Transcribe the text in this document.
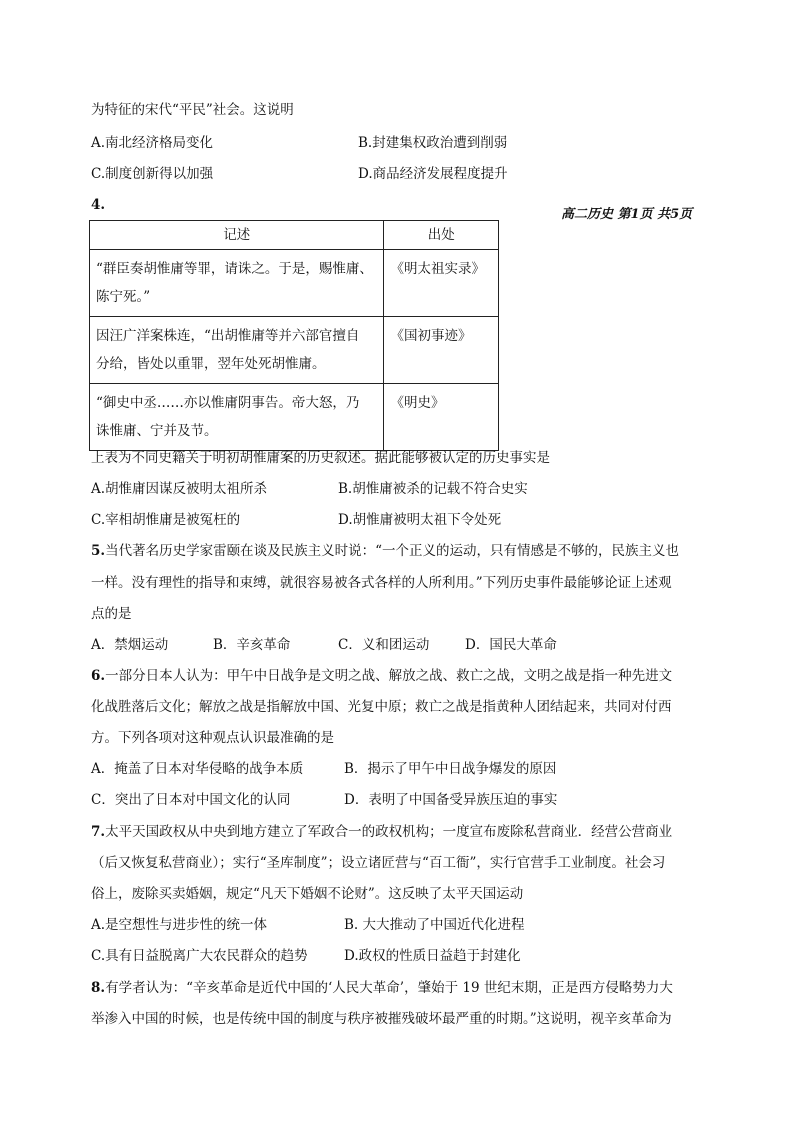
为特征的宋代“平民”社会。这说明
A.南北经济格局变化	B.封建集权政治遭到削弱
C.制度创新得以加强	D.商品经济发展程度提升
4.
高二历史 第1页 共5页
记述	出处

“群臣奏胡惟庸等罪，请诛之。于是，赐惟庸、
陈宁死。”	《明太祖实录》

因汪广洋案株连，“出胡惟庸等并六部官擅自
分给，皆处以重罪，翌年处死胡惟庸。	《国初事迹》

“御史中丞……亦以惟庸阴事告。帝大怒，乃
诛惟庸、宁并及节。	《明史》
上表为不同史籍关于明初胡惟庸案的历史叙述。据此能够被认定的历史事实是
A.胡惟庸因谋反被明太祖所杀	B.胡惟庸被杀的记载不符合史实
C.宰相胡惟庸是被冤枉的	D.胡惟庸被明太祖下令处死
5.当代著名历史学家雷颐在谈及民族主义时说：“一个正义的运动，只有情感是不够的，民族主义也
一样。没有理性的指导和束缚，就很容易被各式各样的人所利用。”下列历史事件最能够论证上述观
点的是
A．禁烟运动	B．辛亥革命	C．义和团运动	D．国民大革命
6.一部分日本人认为：甲午中日战争是文明之战、解放之战、救亡之战，文明之战是指一种先进文
化战胜落后文化；解放之战是指解放中国、光复中原；救亡之战是指黄种人团结起来，共同对付西
方。下列各项对这种观点认识最准确的是
A．掩盖了日本对华侵略的战争本质	B．揭示了甲午中日战争爆发的原因
C．突出了日本对中国文化的认同	D．表明了中国备受异族压迫的事实
7.太平天国政权从中央到地方建立了军政合一的政权机构；一度宣布废除私营商业．经营公营商业
（后又恢复私营商业）；实行“圣库制度”；设立诸匠营与“百工衙”，实行官营手工业制度。社会习
俗上，废除买卖婚姻，规定“凡天下婚姻不论财”。这反映了太平天国运动
A.是空想性与进步性的统一体	B. 大大推动了中国近代化进程
C.具有日益脱离广大农民群众的趋势	D.政权的性质日益趋于封建化
8.有学者认为：“辛亥革命是近代中国的‘人民大革命’，肇始于 19 世纪末期，正是西方侵略势力大
举渗入中国的时候，也是传统中国的制度与秩序被摧残破坏最严重的时期。”这说明，视辛亥革命为
